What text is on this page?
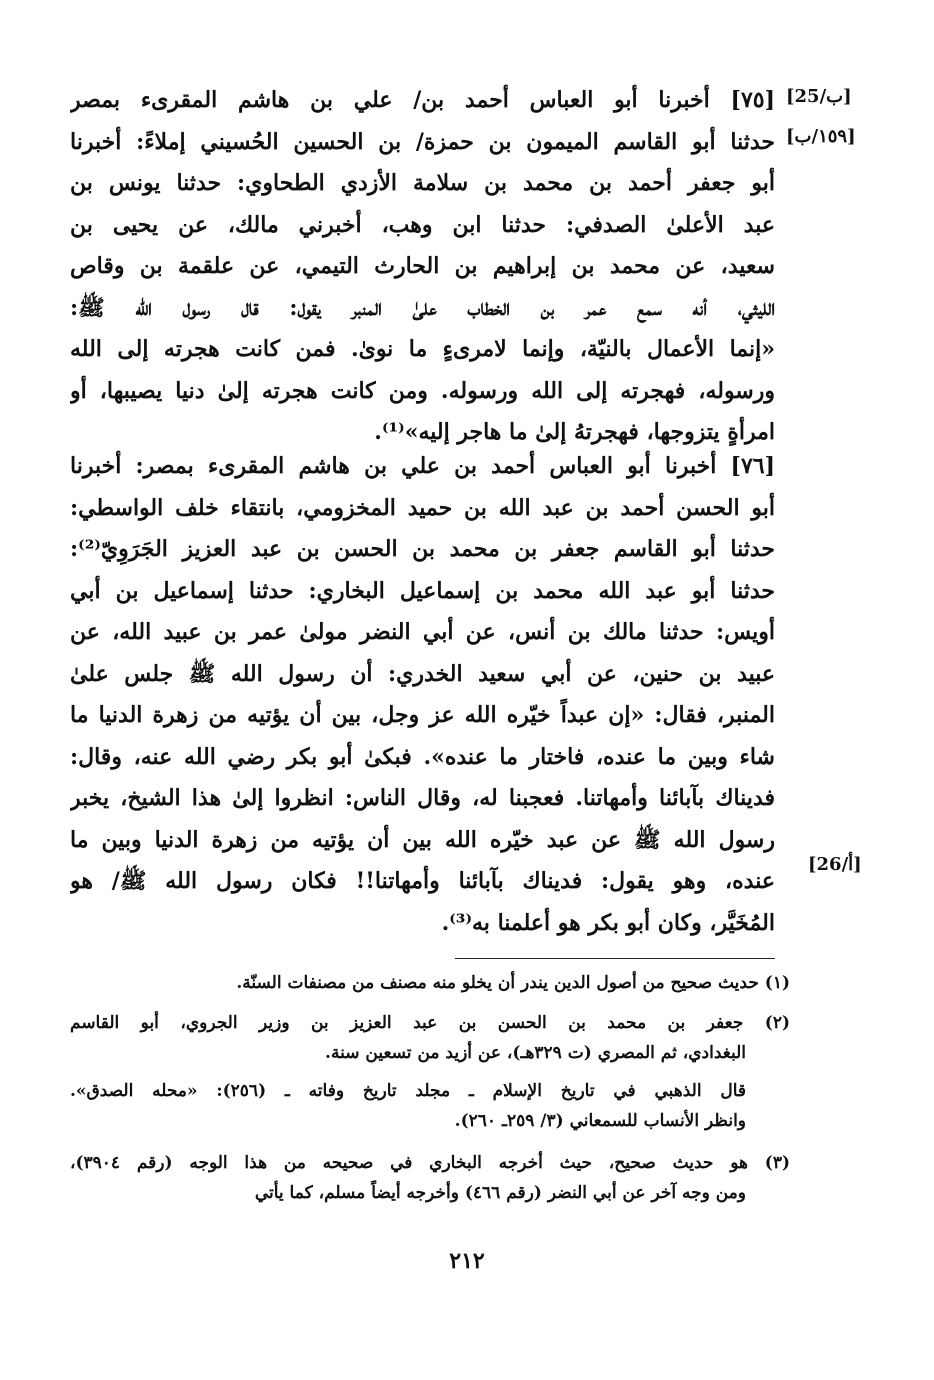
[25/ب]
[١٥٩/ب]
[26/أ]
[٧٥] أخبرنا أبو العباس أحمد بن/ علي بن هاشم المقرىء بمصر
حدثنا أبو القاسم الميمون بن حمزة/ بن الحسين الحُسيني إملاءً: أخبرنا
أبو جعفر أحمد بن محمد بن سلامة الأزدي الطحاوي: حدثنا يونس بن
عبد الأعلىٰ الصدفي: حدثنا ابن وهب، أخبرني مالك، عن يحيى بن
سعيد، عن محمد بن إبراهيم بن الحارث التيمي، عن علقمة بن وقاص
الليثي، أنه سمع عمر بن الخطاب علىٰ المنبر يقول: قال رسول الله ﷺ:
«إنما الأعمال بالنيّة، وإنما لامرىءٍ ما نوىٰ. فمن كانت هجرته إلى الله
ورسوله، فهجرته إلى الله ورسوله. ومن كانت هجرته إلىٰ دنيا يصيبها، أو
امرأةٍ يتزوجها، فهجرتهُ إلىٰ ما هاجر إليه»⁽¹⁾.
[٧٦] أخبرنا أبو العباس أحمد بن علي بن هاشم المقرىء بمصر: أخبرنا
أبو الحسن أحمد بن عبد الله بن حميد المخزومي، بانتقاء خلف الواسطي:
حدثنا أبو القاسم جعفر بن محمد بن الحسن بن عبد العزيز الجَرَوِيّ⁽²⁾:
حدثنا أبو عبد الله محمد بن إسماعيل البخاري: حدثنا إسماعيل بن أبي
أويس: حدثنا مالك بن أنس، عن أبي النضر مولىٰ عمر بن عبيد الله، عن
عبيد بن حنين، عن أبي سعيد الخدري: أن رسول الله ﷺ جلس علىٰ
المنبر، فقال: «إن عبداً خيّره الله عز وجل، بين أن يؤتيه من زهرة الدنيا ما
شاء وبين ما عنده، فاختار ما عنده». فبكىٰ أبو بكر رضي الله عنه، وقال:
فديناك بآبائنا وأمهاتنا. فعجبنا له، وقال الناس: انظروا إلىٰ هذا الشيخ، يخبر
رسول الله ﷺ عن عبد خيّره الله بين أن يؤتيه من زهرة الدنيا وبين ما
عنده، وهو يقول: فديناك بآبائنا وأمهاتنا!! فكان رسول الله ﷺ/ هو
المُخَيَّر، وكان أبو بكر هو أعلمنا به⁽³⁾.
(١) حديث صحيح من أصول الدين يندر أن يخلو منه مصنف من مصنفات السنّة.
(٢) جعفر بن محمد بن الحسن بن عبد العزيز بن وزير الجروي، أبو القاسم
البغدادي، ثم المصري (ت ٣٢٩هـ)، عن أزيد من تسعين سنة.
قال الذهبي في تاريخ الإسلام ـ مجلد تاريخ وفاته ـ (٢٥٦): «محله الصدق».
وانظر الأنساب للسمعاني (٣/ ٢٥٩ـ ٢٦٠).
(٣) هو حديث صحيح، حيث أخرجه البخاري في صحيحه من هذا الوجه (رقم ٣٩٠٤)،
ومن وجه آخر عن أبي النضر (رقم ٤٦٦) وأخرجه أيضاً مسلم، كما يأتي
٢١٢
